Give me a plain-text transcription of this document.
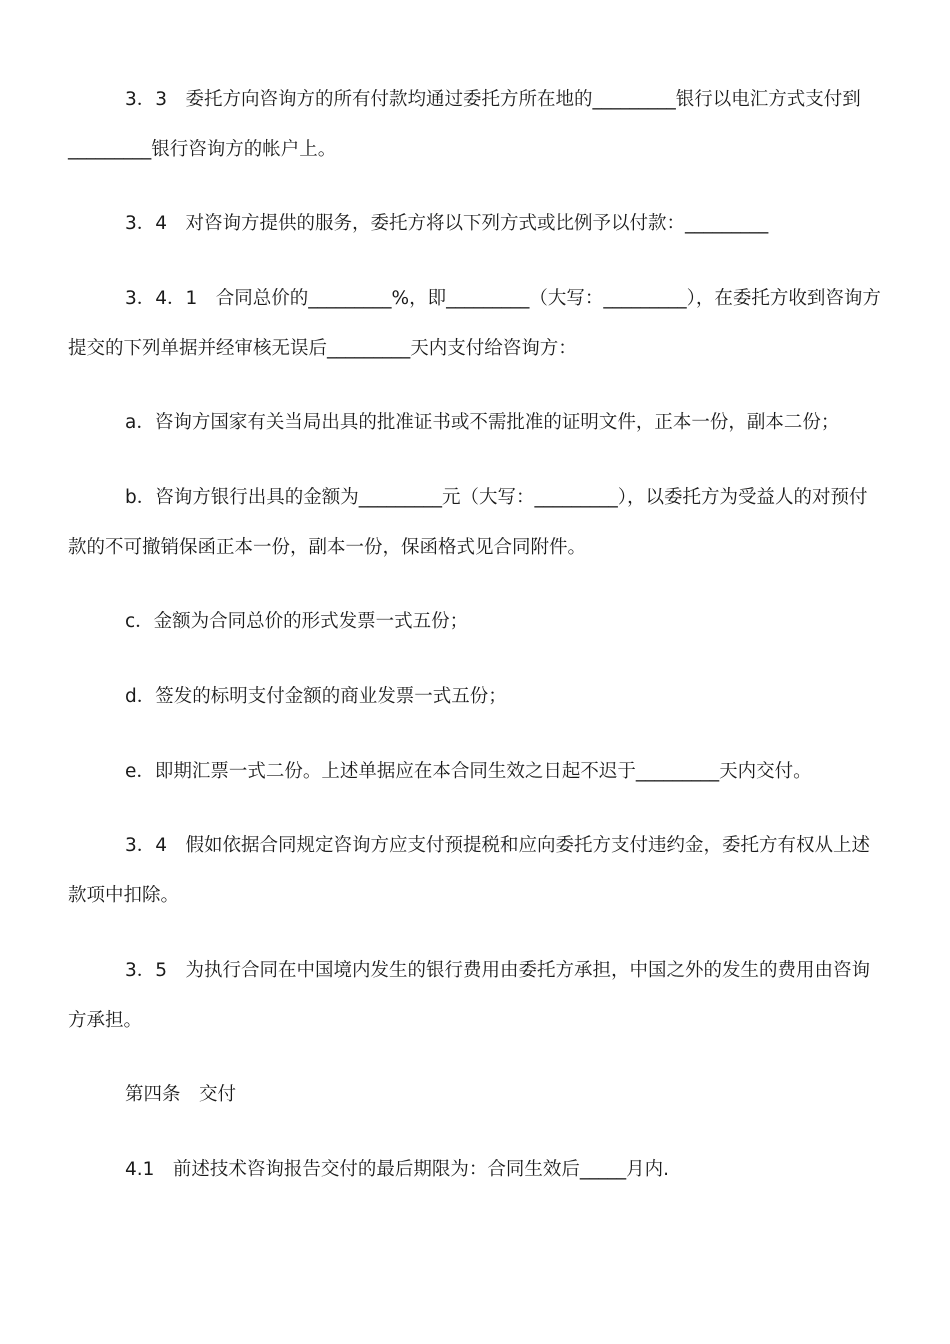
3．3　委托方向咨询方的所有付款均通过委托方所在地的_________银行以电汇方式支付到_________银行咨询方的帐户上。

3．4　对咨询方提供的服务，委托方将以下列方式或比例予以付款：_________

3．4．1　合同总价的_________%，即_________（大写：_________），在委托方收到咨询方提交的下列单据并经审核无误后_________天内支付给咨询方：

a．咨询方国家有关当局出具的批准证书或不需批准的证明文件，正本一份，副本二份；

b．咨询方银行出具的金额为_________元（大写：_________），以委托方为受益人的对预付款的不可撤销保函正本一份，副本一份，保函格式见合同附件。

c．金额为合同总价的形式发票一式五份；

d．签发的标明支付金额的商业发票一式五份；

e．即期汇票一式二份。上述单据应在本合同生效之日起不迟于_________天内交付。

3．4　假如依据合同规定咨询方应支付预提税和应向委托方支付违约金，委托方有权从上述款项中扣除。

3．5　为执行合同在中国境内发生的银行费用由委托方承担，中国之外的发生的费用由咨询方承担。

第四条　交付

4.1　前述技术咨询报告交付的最后期限为：合同生效后_____月内.
